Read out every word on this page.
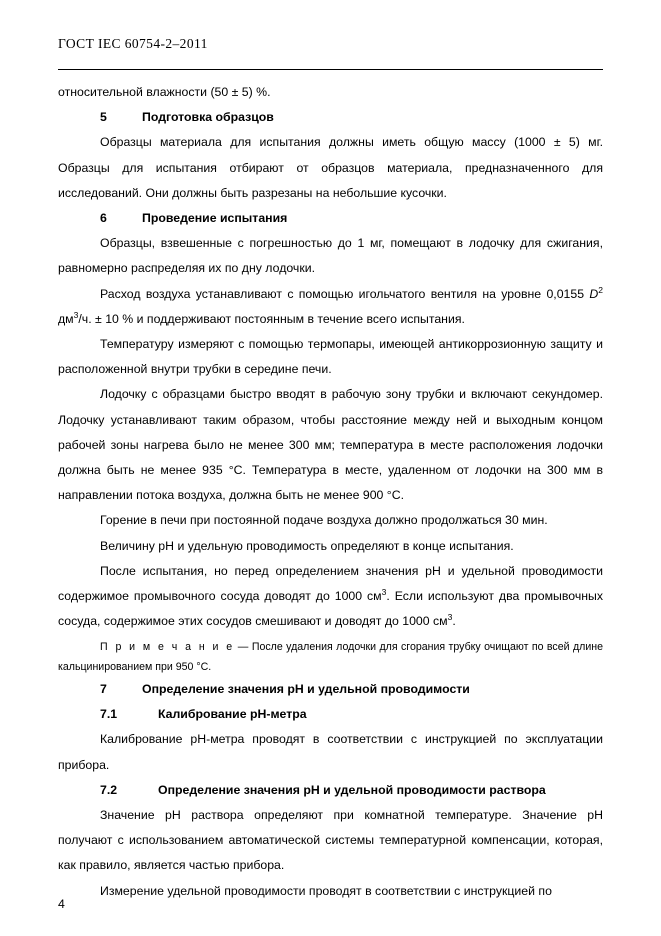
ГОСТ IEC 60754-2–2011

относительной влажности (50 ± 5) %.

5	Подготовка образцов

Образцы материала для испытания должны иметь общую массу (1000 ± 5) мг. Образцы для испытания отбирают от образцов материала, предназначенного для исследований. Они должны быть разрезаны на небольшие кусочки.

6	Проведение испытания

Образцы, взвешенные с погрешностью до 1 мг, помещают в лодочку для сжигания, равномерно распределяя их по дну лодочки.

Расход воздуха устанавливают с помощью игольчатого вентиля на уровне 0,0155 $D^2$ $дм^3/ч$. ± 10 % и поддерживают постоянным в течение всего испытания.

Температуру измеряют с помощью термопары, имеющей антикоррозионную защиту и расположенной внутри трубки в середине печи.

Лодочку с образцами быстро вводят в рабочую зону трубки и включают секундомер. Лодочку устанавливают таким образом, чтобы расстояние между ней и выходным концом рабочей зоны нагрева было не менее 300 мм; температура в месте расположения лодочки должна быть не менее 935 °C. Температура в месте, удаленном от лодочки на 300 мм в направлении потока воздуха, должна быть не менее 900 °C.

Горение в печи при постоянной подаче воздуха должно продолжаться 30 мин.

Величину pH и удельную проводимость определяют в конце испытания.

После испытания, но перед определением значения pH и удельной проводимости содержимое промывочного сосуда доводят до 1000 $см^3$. Если используют два промывочных сосуда, содержимое этих сосудов смешивают и доводят до 1000 $см^3$.

П р и м е ч а н и е — После удаления лодочки для сгорания трубку очищают по всей длине кальцинированием при 950 °C.
7	Определение значения pH и удельной проводимости
7.1	Калибрование pH-метра

Калибрование pH-метра проводят в соответствии с инструкцией по эксплуатации прибора.

7.2	Определение значения pH и удельной проводимости раствора

Значение pH раствора определяют при комнатной температуре. Значение pH получают с использованием автоматической системы температурной компенсации, которая, как правило, является частью прибора.

Измерение удельной проводимости проводят в соответствии с инструкцией по

4
